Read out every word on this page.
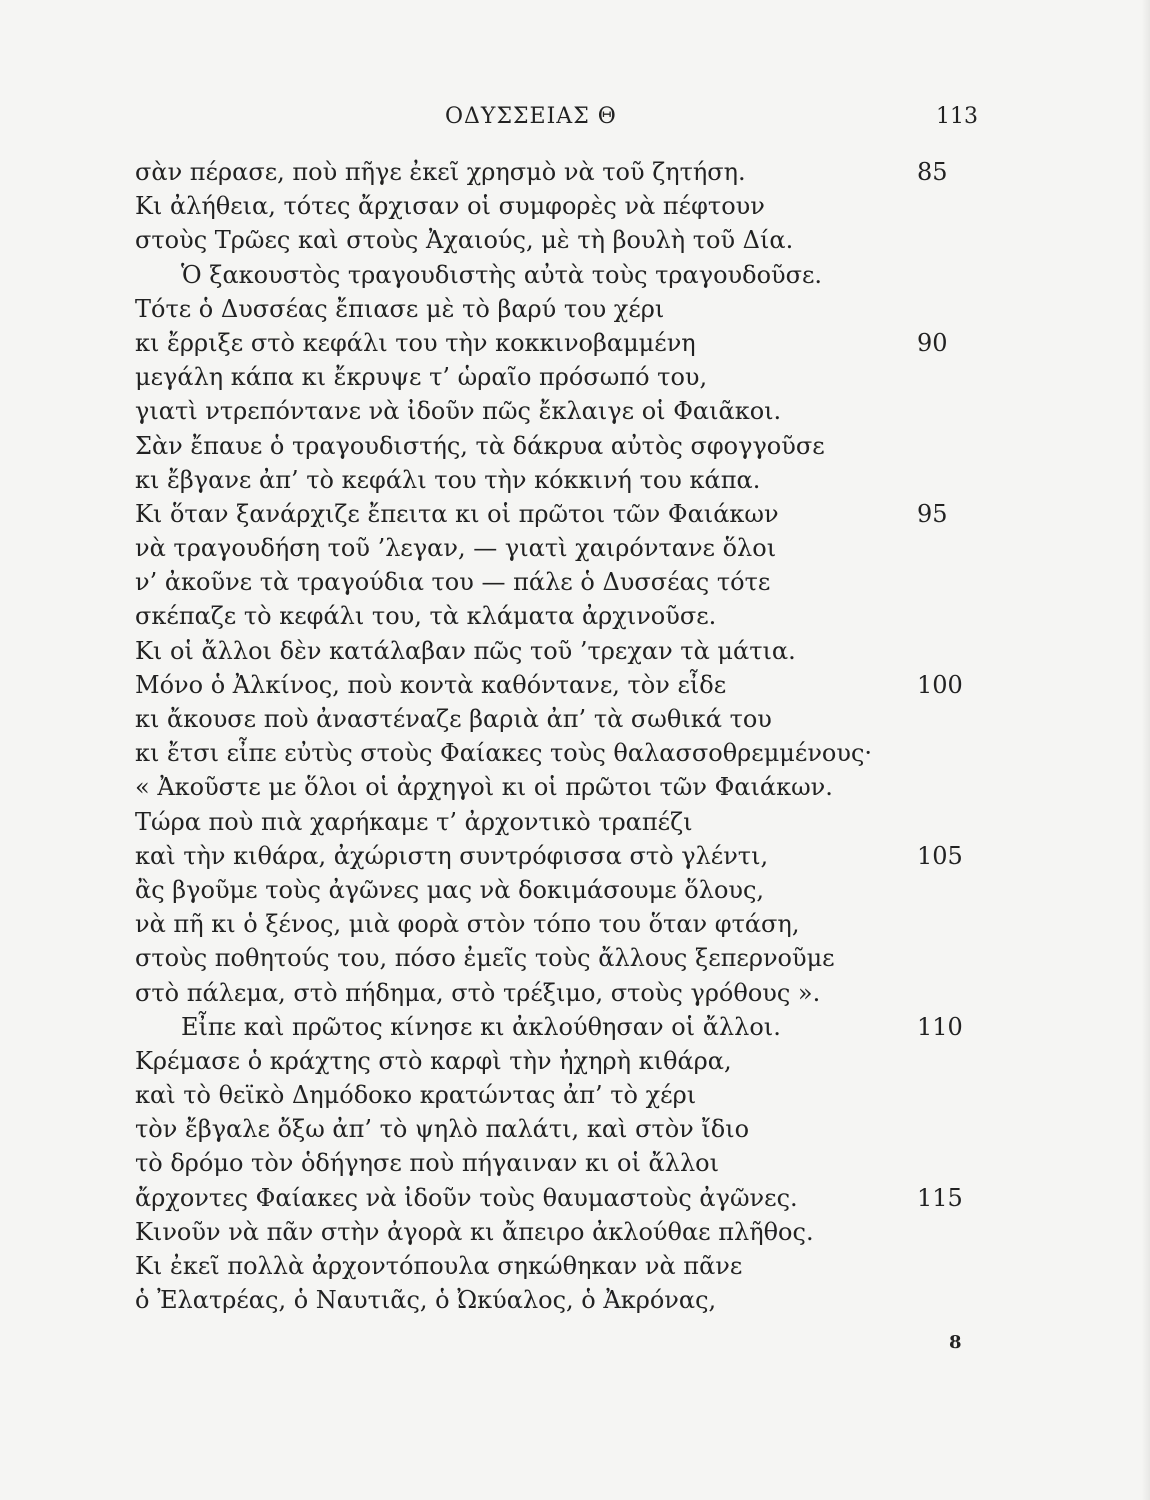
ΟΔΥΣΣΕΙΑΣ Θ	113
σὰν πέρασε, ποὺ πῆγε ἐκεῖ χρησμὸ νὰ τοῦ ζητήση.	85
Κι ἀλήθεια, τότες ἄρχισαν οἱ συμφορὲς νὰ πέφτουν
στοὺς Τρῶες καὶ στοὺς Ἀχαιούς, μὲ τὴ βουλὴ τοῦ Δία.
Ὁ ξακουστὸς τραγουδιστὴς αὐτὰ τοὺς τραγουδοῦσε.
Τότε ὁ Δυσσέας ἔπιασε μὲ τὸ βαρύ του χέρι
κι ἔρριξε στὸ κεφάλι του τὴν κοκκινοβαμμένη	90
μεγάλη κάπα κι ἔκρυψε τ’ ὡραῖο πρόσωπό του,
γιατὶ ντρεπόντανε νὰ ἰδοῦν πῶς ἔκλαιγε οἱ Φαιᾶκοι.
Σὰν ἔπαυε ὁ τραγουδιστής, τὰ δάκρυα αὐτὸς σφογγοῦσε
κι ἔβγανε ἀπ’ τὸ κεφάλι του τὴν κόκκινή του κάπα.
Κι ὅταν ξανάρχιζε ἔπειτα κι οἱ πρῶτοι τῶν Φαιάκων	95
νὰ τραγουδήση τοῦ ’λεγαν, — γιατὶ χαιρόντανε ὅλοι
ν’ ἀκοῦνε τὰ τραγούδια του — πάλε ὁ Δυσσέας τότε
σκέπαζε τὸ κεφάλι του, τὰ κλάματα ἀρχινοῦσε.
Κι οἱ ἄλλοι δὲν κατάλαβαν πῶς τοῦ ’τρεχαν τὰ μάτια.
Μόνο ὁ Ἀλκίνος, ποὺ κοντὰ καθόντανε, τὸν εἶδε	100
κι ἄκουσε ποὺ ἀναστέναζε βαριὰ ἀπ’ τὰ σωθικά του
κι ἔτσι εἶπε εὐτὺς στοὺς Φαίακες τοὺς θαλασσοθρεμμένους·
« Ἀκοῦστε με ὅλοι οἱ ἀρχηγοὶ κι οἱ πρῶτοι τῶν Φαιάκων.
Τώρα ποὺ πιὰ χαρήκαμε τ’ ἀρχοντικὸ τραπέζι
καὶ τὴν κιθάρα, ἀχώριστη συντρόφισσα στὸ γλέντι,	105
ἂς βγοῦμε τοὺς ἀγῶνες μας νὰ δοκιμάσουμε ὅλους,
νὰ πῆ κι ὁ ξένος, μιὰ φορὰ στὸν τόπο του ὅταν φτάση,
στοὺς ποθητούς του, πόσο ἐμεῖς τοὺς ἄλλους ξεπερνοῦμε
στὸ πάλεμα, στὸ πήδημα, στὸ τρέξιμο, στοὺς γρόθους ».
Εἶπε καὶ πρῶτος κίνησε κι ἀκλούθησαν οἱ ἄλλοι.	110
Κρέμασε ὁ κράχτης στὸ καρφὶ τὴν ἠχηρὴ κιθάρα,
καὶ τὸ θεϊκὸ Δημόδοκο κρατώντας ἀπ’ τὸ χέρι
τὸν ἔβγαλε ὄξω ἀπ’ τὸ ψηλὸ παλάτι, καὶ στὸν ἴδιο
τὸ δρόμο τὸν ὁδήγησε ποὺ πήγαιναν κι οἱ ἄλλοι
ἄρχοντες Φαίακες νὰ ἰδοῦν τοὺς θαυμαστοὺς ἀγῶνες.	115
Κινοῦν νὰ πᾶν στὴν ἀγορὰ κι ἄπειρο ἀκλούθαε πλῆθος.
Κι ἐκεῖ πολλὰ ἀρχοντόπουλα σηκώθηκαν νὰ πᾶνε
ὁ Ἐλατρέας, ὁ Ναυτιᾶς, ὁ Ὠκύαλος, ὁ Ἀκρόνας,
8
